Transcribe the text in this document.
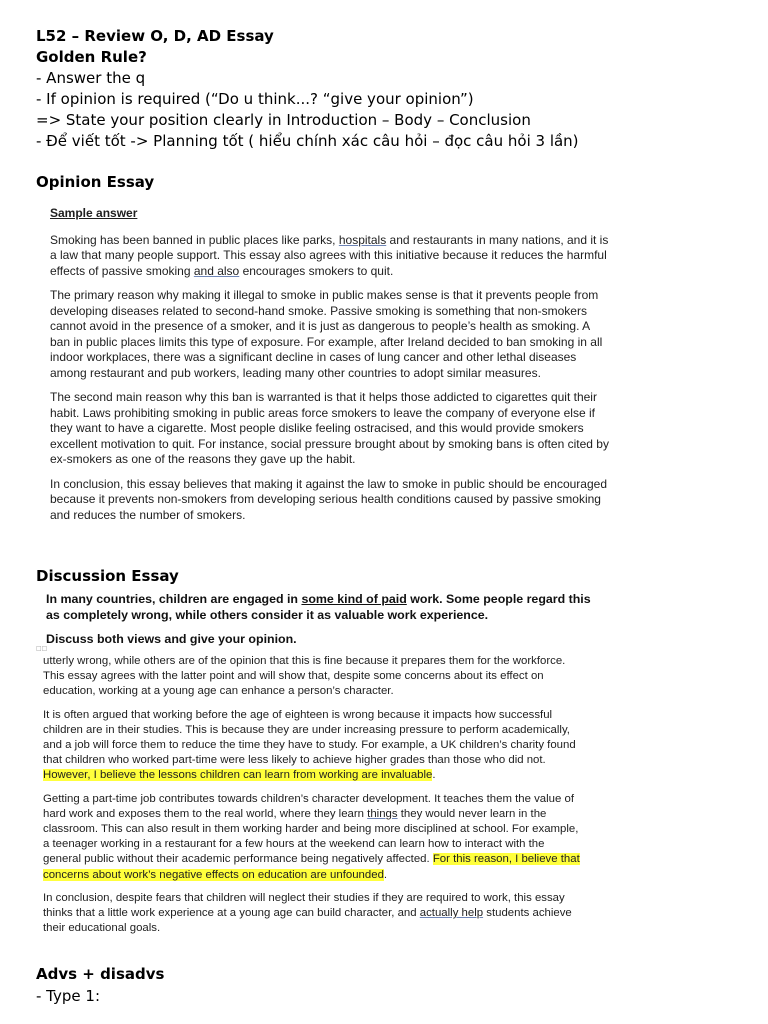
L52 – Review O, D, AD Essay
Golden Rule?
- Answer the q
- If opinion is required (“Do u think...? “give your opinion”)
=> State your position clearly in Introduction – Body – Conclusion
- Để viết tốt -> Planning tốt ( hiểu chính xác câu hỏi – đọc câu hỏi 3 lần)
Opinion Essay

Sample answer

Smoking has been banned in public places like parks, hospitals and restaurants in many nations, and it is a law that many people support. This essay also agrees with this initiative because it reduces the harmful effects of passive smoking and also encourages smokers to quit.

The primary reason why making it illegal to smoke in public makes sense is that it prevents people from developing diseases related to second-hand smoke. Passive smoking is something that non-smokers cannot avoid in the presence of a smoker, and it is just as dangerous to people’s health as smoking. A ban in public places limits this type of exposure. For example, after Ireland decided to ban smoking in all indoor workplaces, there was a significant decline in cases of lung cancer and other lethal diseases among restaurant and pub workers, leading many other countries to adopt similar measures.

The second main reason why this ban is warranted is that it helps those addicted to cigarettes quit their habit. Laws prohibiting smoking in public areas force smokers to leave the company of everyone else if they want to have a cigarette. Most people dislike feeling ostracised, and this would provide smokers excellent motivation to quit. For instance, social pressure brought about by smoking bans is often cited by ex-smokers as one of the reasons they gave up the habit.

In conclusion, this essay believes that making it against the law to smoke in public should be encouraged because it prevents non-smokers from developing serious health conditions caused by passive smoking and reduces the number of smokers.

Discussion Essay
In many countries, children are engaged in some kind of paid work. Some people regard this as completely wrong, while others consider it as valuable work experience.
Discuss both views and give your opinion.
□□

utterly wrong, while others are of the opinion that this is fine because it prepares them for the workforce. This essay agrees with the latter point and will show that, despite some concerns about its effect on education, working at a young age can enhance a person’s character.

It is often argued that working before the age of eighteen is wrong because it impacts how successful children are in their studies. This is because they are under increasing pressure to perform academically, and a job will force them to reduce the time they have to study. For example, a UK children’s charity found that children who worked part-time were less likely to achieve higher grades than those who did not. However, I believe the lessons children can learn from working are invaluable.

Getting a part-time job contributes towards children’s character development. It teaches them the value of hard work and exposes them to the real world, where they learn things they would never learn in the classroom. This can also result in them working harder and being more disciplined at school. For example, a teenager working in a restaurant for a few hours at the weekend can learn how to interact with the general public without their academic performance being negatively affected. For this reason, I believe that concerns about work’s negative effects on education are unfounded.

In conclusion, despite fears that children will neglect their studies if they are required to work, this essay thinks that a little work experience at a young age can build character, and actually help students achieve their educational goals.

Advs + disadvs
- Type 1:
